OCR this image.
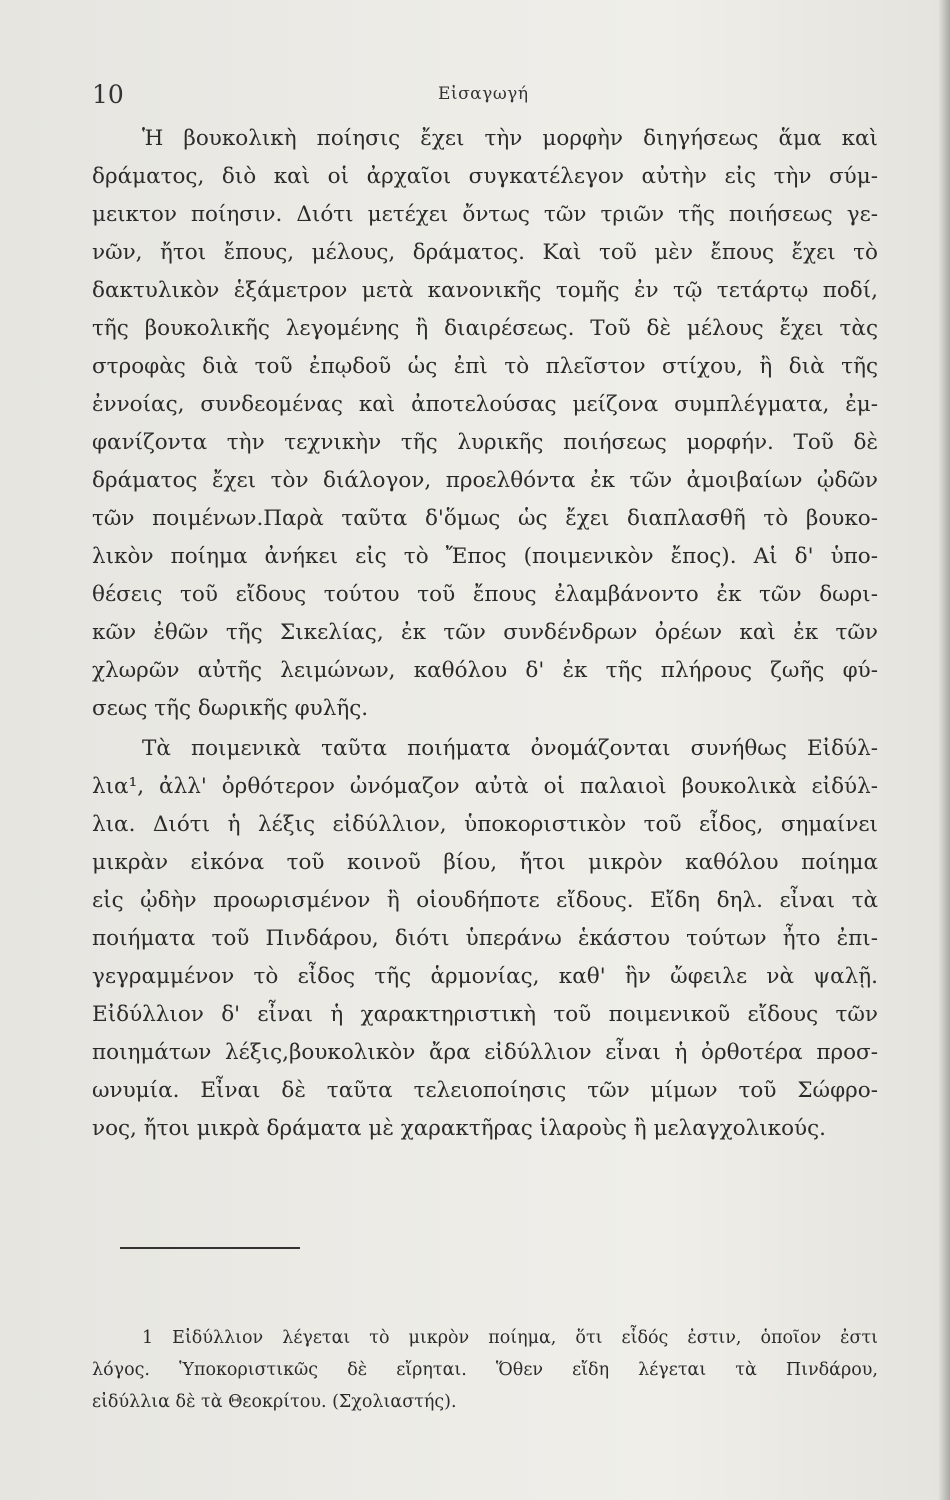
10	Εἰσαγωγή
Ἡ βουκολικὴ ποίησις ἔχει τὴν μορφὴν διηγήσεως ἅμα καὶ
δράματος, διὸ καὶ οἱ ἀρχαῖοι συγκατέλεγον αὐτὴν εἰς τὴν σύμ-
μεικτον ποίησιν. Διότι μετέχει ὄντως τῶν τριῶν τῆς ποιήσεως γε-
νῶν, ἤτοι ἔπους, μέλους, δράματος. Καὶ τοῦ μὲν ἔπους ἔχει τὸ
δακτυλικὸν ἑξάμετρον μετὰ κανονικῆς τομῆς ἐν τῷ τετάρτῳ ποδί,
τῆς βουκολικῆς λεγομένης ἢ διαιρέσεως. Τοῦ δὲ μέλους ἔχει τὰς
στροφὰς διὰ τοῦ ἐπῳδοῦ ὡς ἐπὶ τὸ πλεῖστον στίχου, ἢ διὰ τῆς
ἐννοίας, συνδεομένας καὶ ἀποτελούσας μείζονα συμπλέγματα, ἐμ-
φανίζοντα τὴν τεχνικὴν τῆς λυρικῆς ποιήσεως μορφήν. Τοῦ δὲ
δράματος ἔχει τὸν διάλογον, προελθόντα ἐκ τῶν ἀμοιβαίων ᾠδῶν
τῶν ποιμένων.Παρὰ ταῦτα δ'ὅμως ὡς ἔχει διαπλασθῆ τὸ βουκο-
λικὸν ποίημα ἀνήκει εἰς τὸ Ἔπος (ποιμενικὸν ἔπος). Αἱ δ' ὑπο-
θέσεις τοῦ εἴδους τούτου τοῦ ἔπους ἐλαμβάνοντο ἐκ τῶν δωρι-
κῶν ἐθῶν τῆς Σικελίας, ἐκ τῶν συνδένδρων ὀρέων καὶ ἐκ τῶν
χλωρῶν αὐτῆς λειμώνων, καθόλου δ' ἐκ τῆς πλήρους ζωῆς φύ-
σεως τῆς δωρικῆς φυλῆς.
Τὰ ποιμενικὰ ταῦτα ποιήματα ὀνομάζονται συνήθως Εἰδύλ-
λια¹, ἀλλ' ὀρθότερον ὠνόμαζον αὐτὰ οἱ παλαιοὶ βουκολικὰ εἰδύλ-
λια. Διότι ἡ λέξις εἰδύλλιον, ὑποκοριστικὸν τοῦ εἶδος, σημαίνει
μικρὰν εἰκόνα τοῦ κοινοῦ βίου, ἤτοι μικρὸν καθόλου ποίημα
εἰς ᾠδὴν προωρισμένον ἢ οἱουδήποτε εἴδους. Εἴδη δηλ. εἶναι τὰ
ποιήματα τοῦ Πινδάρου, διότι ὑπεράνω ἑκάστου τούτων ἦτο ἐπι-
γεγραμμένον τὸ εἶδος τῆς ἁρμονίας, καθ' ἣν ὤφειλε νὰ ψαλῇ.
Εἰδύλλιον δ' εἶναι ἡ χαρακτηριστικὴ τοῦ ποιμενικοῦ εἴδους τῶν
ποιημάτων λέξις,βουκολικὸν ἄρα εἰδύλλιον εἶναι ἡ ὀρθοτέρα προσ-
ωνυμία. Εἶναι δὲ ταῦτα τελειοποίησις τῶν μίμων τοῦ Σώφρο-
νος, ἤτοι μικρὰ δράματα μὲ χαρακτῆρας ἱλαροὺς ἢ μελαγχολικούς.
1 Εἰδύλλιον λέγεται τὸ μικρὸν ποίημα, ὅτι εἶδός ἐστιν, ὁποῖον ἐστι
λόγος. Ὑποκοριστικῶς δὲ εἴρηται. Ὅθεν εἴδη λέγεται τὰ Πινδάρου,
εἰδύλλια δὲ τὰ Θεοκρίτου. (Σχολιαστής).
